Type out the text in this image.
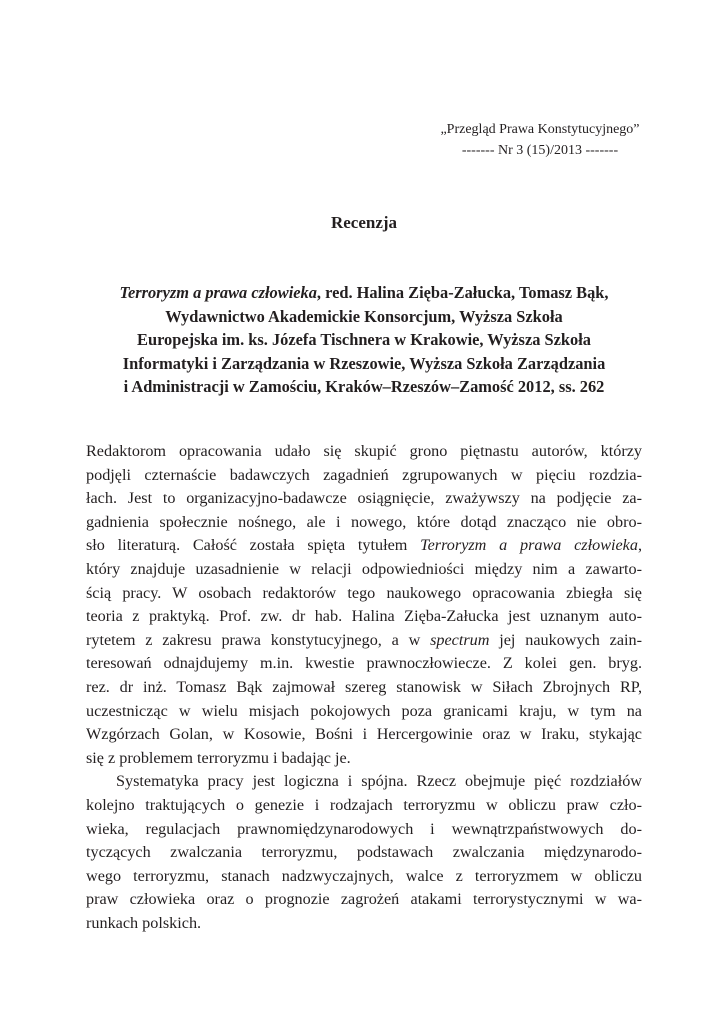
„Przegląd Prawa Konstytucyjnego”
------- Nr 3 (15)/2013 -------
Recenzja
Terroryzm a prawa człowieka, red. Halina Zięba-Załucka, Tomasz Bąk,
Wydawnictwo Akademickie Konsorcjum, Wyższa Szkoła
Europejska im. ks. Józefa Tischnera w Krakowie, Wyższa Szkoła
Informatyki i Zarządzania w Rzeszowie, Wyższa Szkoła Zarządzania
i Administracji w Zamościu, Kraków–Rzeszów–Zamość 2012, ss. 262
Redaktorom opracowania udało się skupić grono piętnastu autorów, którzy
podjęli czternaście badawczych zagadnień zgrupowanych w pięciu rozdzia-
łach. Jest to organizacyjno-badawcze osiągnięcie, zważywszy na podjęcie za-
gadnienia społecznie nośnego, ale i nowego, które dotąd znacząco nie obro-
sło literaturą. Całość została spięta tytułem Terroryzm a prawa człowieka,
który znajduje uzasadnienie w relacji odpowiedniości między nim a zawarto-
ścią pracy. W osobach redaktorów tego naukowego opracowania zbiegła się
teoria z praktyką. Prof. zw. dr hab. Halina Zięba-Załucka jest uznanym auto-
rytetem z zakresu prawa konstytucyjnego, a w spectrum jej naukowych zain-
teresowań odnajdujemy m.in. kwestie prawnoczłowiecze. Z kolei gen. bryg.
rez. dr inż. Tomasz Bąk zajmował szereg stanowisk w Siłach Zbrojnych RP,
uczestnicząc w wielu misjach pokojowych poza granicami kraju, w tym na
Wzgórzach Golan, w Kosowie, Bośni i Hercergowinie oraz w Iraku, stykając
się z problemem terroryzmu i badając je.
Systematyka pracy jest logiczna i spójna. Rzecz obejmuje pięć rozdziałów
kolejno traktujących o genezie i rodzajach terroryzmu w obliczu praw czło-
wieka, regulacjach prawnomiędzynarodowych i wewnątrzpaństwowych do-
tyczących zwalczania terroryzmu, podstawach zwalczania międzynarodo-
wego terroryzmu, stanach nadzwyczajnych, walce z terroryzmem w obliczu
praw człowieka oraz o prognozie zagrożeń atakami terrorystycznymi w wa-
runkach polskich.
